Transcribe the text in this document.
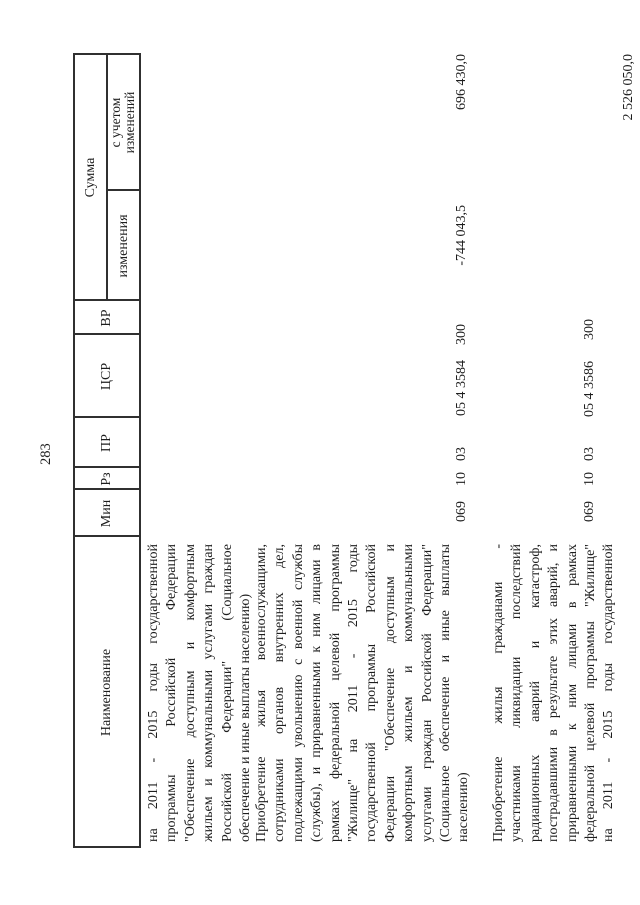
283
Наименование
Мин
Рз
ПР
ЦСР
ВР
Сумма
изменения
с учетом изменений
на 2011 - 2015 годы государственной программы Российской Федерации "Обеспечение доступным и комфортным жильем и коммунальными услугами граждан Российской Федерации" (Социальное обеспечение и иные выплаты населению) Приобретение жилья военнослужащими, сотрудниками органов внутренних дел, подлежащими увольнению с военной службы (службы), и приравненными к ним лицами в рамках федеральной целевой программы "Жилище" на 2011 - 2015 годы государственной программы Российской Федерации "Обеспечение доступным и комфортным жильем и коммунальными услугами граждан Российской Федерации" (Социальное обеспечение и иные выплаты населению)
069
10
03
05 4 3584
300
-744 043,5
696 430,0
Приобретение жилья гражданами - участниками ликвидации последствий радиационных аварий и катастроф, пострадавшими в результате этих аварий, и приравненными к ним лицами в рамках федеральной целевой программы "Жилище" на 2011 - 2015 годы государственной
069
10
03
05 4 3586
300
2 526 050,0
